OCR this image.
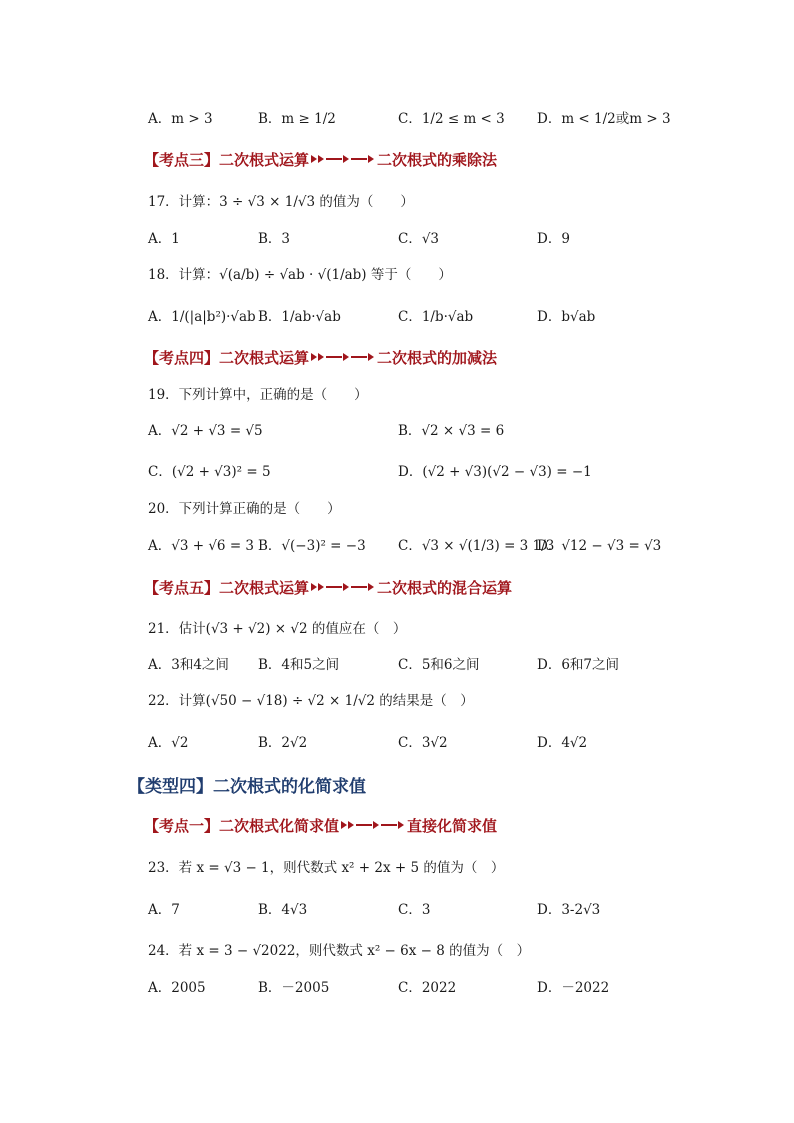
A．m > 3	B．m ≥ 1/2	C．1/2 ≤ m < 3 D．m < 1/2或m > 3
【考点三】二次根式运算	二次根式的乘除法
17．计算：3 ÷ √3 × 1/√3 的值为（　　）
A．1	B．3	C．√3	D．9
18．计算：√(a/b) ÷ √ab · √(1/ab) 等于（　　）
A．1/(|a|b²)·√ab B．1/ab·√ab	C．1/b·√ab	D．b√ab
【考点四】二次根式运算	二次根式的加减法
19．下列计算中，正确的是（　　）
A．√2 + √3 = √5	B．√2 × √3 = 6
C．(√2 + √3)² = 5	D．(√2 + √3)(√2 − √3) = −1
20．下列计算正确的是（　　）
A．√3 + √6 = 3 B．√(−3)² = −3 C．√3 × √(1/3) = 3 1/3
D．√12 − √3 = √3
【考点五】二次根式运算	二次根式的混合运算
21．估计(√3 + √2) × √2 的值应在（　）
A．3和4之间 B．4和5之间	C．5和6之间	D．6和7之间
22．计算(√50 − √18) ÷ √2 × 1/√2 的结果是（　）
A．√2	B．2√2	C．3√2	D．4√2
【类型四】二次根式的化简求值
【考点一】二次根式化简求值	直接化简求值
23．若 x = √3 − 1，则代数式 x² + 2x + 5 的值为（　）
A．7	B．4√3	C．3	D．3-2√3
24．若 x = 3 − √2022，则代数式 x² − 6x − 8 的值为（　）
A．2005	B．－2005	C．2022	D．－2022
